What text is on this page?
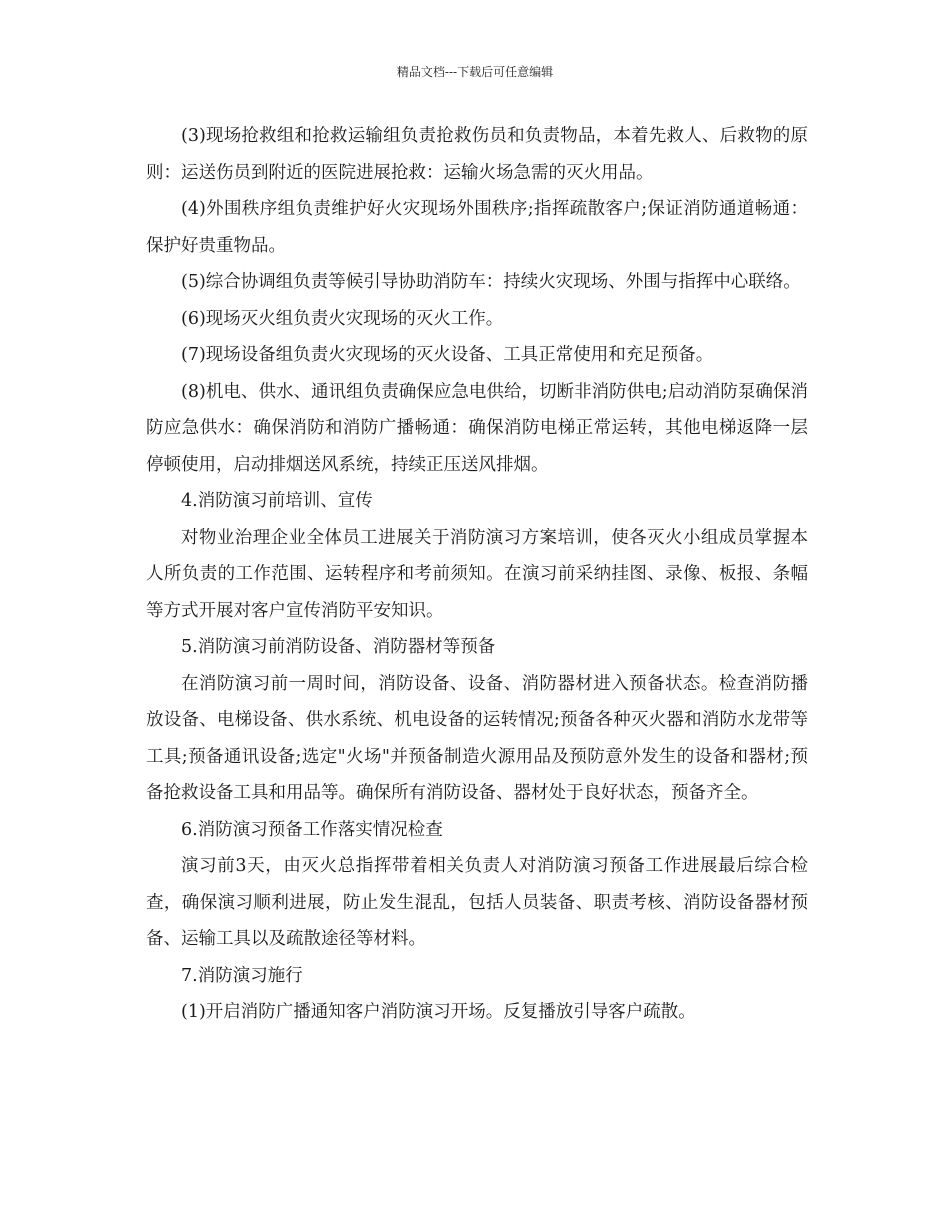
精品文档---下载后可任意编辑

(3)现场抢救组和抢救运输组负责抢救伤员和负责物品，本着先救人、后救物的原则：运送伤员到附近的医院进展抢救：运输火场急需的灭火用品。

(4)外围秩序组负责维护好火灾现场外围秩序;指挥疏散客户;保证消防通道畅通：保护好贵重物品。

(5)综合协调组负责等候引导协助消防车：持续火灾现场、外围与指挥中心联络。

(6)现场灭火组负责火灾现场的灭火工作。

(7)现场设备组负责火灾现场的灭火设备、工具正常使用和充足预备。

(8)机电、供水、通讯组负责确保应急电供给，切断非消防供电;启动消防泵确保消防应急供水：确保消防和消防广播畅通：确保消防电梯正常运转，其他电梯返降一层停顿使用，启动排烟送风系统，持续正压送风排烟。

4.消防演习前培训、宣传

对物业治理企业全体员工进展关于消防演习方案培训，使各灭火小组成员掌握本人所负责的工作范围、运转程序和考前须知。在演习前采纳挂图、录像、板报、条幅等方式开展对客户宣传消防平安知识。

5.消防演习前消防设备、消防器材等预备

在消防演习前一周时间，消防设备、设备、消防器材进入预备状态。检查消防播放设备、电梯设备、供水系统、机电设备的运转情况;预备各种灭火器和消防水龙带等工具;预备通讯设备;选定"火场"并预备制造火源用品及预防意外发生的设备和器材;预备抢救设备工具和用品等。确保所有消防设备、器材处于良好状态，预备齐全。

6.消防演习预备工作落实情况检查

演习前3天，由灭火总指挥带着相关负责人对消防演习预备工作进展最后综合检查，确保演习顺利进展，防止发生混乱，包括人员装备、职责考核、消防设备器材预备、运输工具以及疏散途径等材料。

7.消防演习施行

(1)开启消防广播通知客户消防演习开场。反复播放引导客户疏散。
